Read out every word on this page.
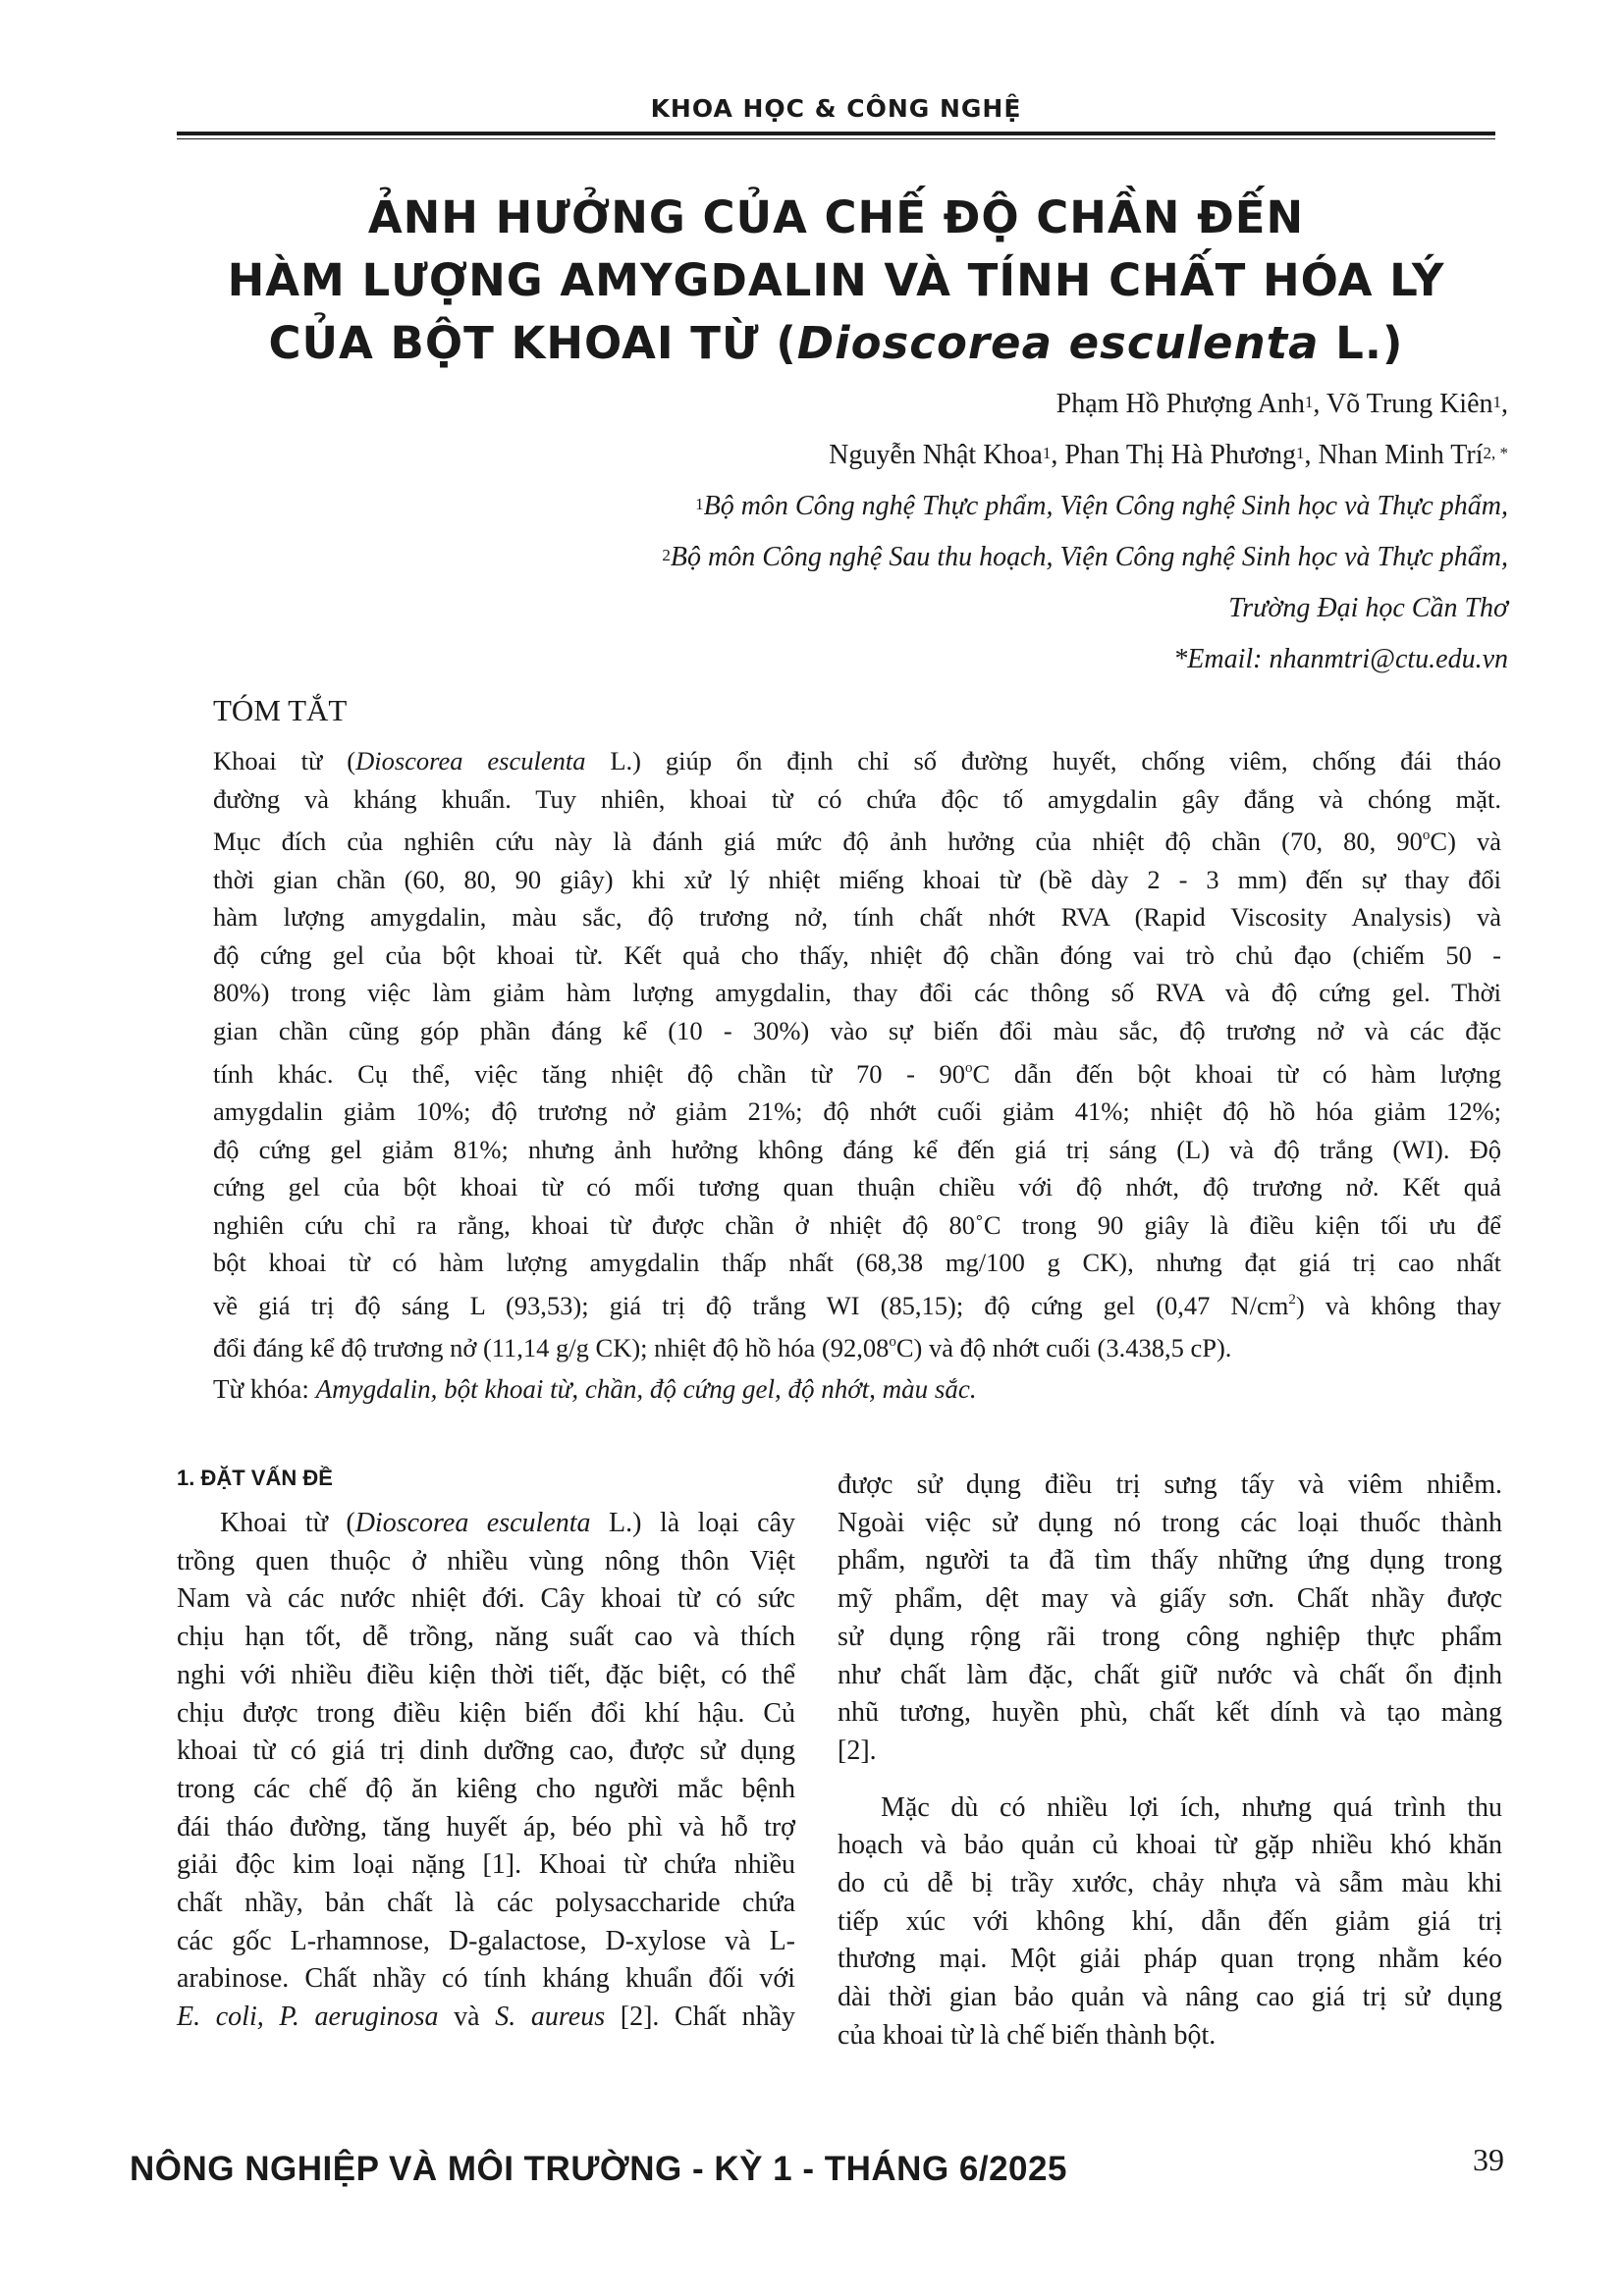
KHOA HỌC & CÔNG NGHỆ
ẢNH HƯỞNG CỦA CHẾ ĐỘ CHẦN ĐẾN
HÀM LƯỢNG AMYGDALIN VÀ TÍNH CHẤT HÓA LÝ
CỦA BỘT KHOAI TỪ (Dioscorea esculenta L.)
Phạm Hồ Phượng Anh$^1$, Võ Trung Kiên$^1$,
Nguyễn Nhật Khoa$^1$, Phan Thị Hà Phương$^1$, Nhan Minh Trí$^{2, *}$
$^1$Bộ môn Công nghệ Thực phẩm, Viện Công nghệ Sinh học và Thực phẩm,
$^2$Bộ môn Công nghệ Sau thu hoạch, Viện Công nghệ Sinh học và Thực phẩm,
Trường Đại học Cần Thơ
*Email: nhanmtri@ctu.edu.vn
TÓM TẮT

Khoai từ (Dioscorea esculenta L.) giúp ổn định chỉ số đường huyết, chống viêm, chống đái tháo

đường và kháng khuẩn. Tuy nhiên, khoai từ có chứa độc tố amygdalin gây đắng và chóng mặt.

Mục đích của nghiên cứu này là đánh giá mức độ ảnh hưởng của nhiệt độ chần (70, 80, 90$^o$C) và

thời gian chần (60, 80, 90 giây) khi xử lý nhiệt miếng khoai từ (bề dày 2 - 3 mm) đến sự thay đổi

hàm lượng amygdalin, màu sắc, độ trương nở, tính chất nhớt RVA (Rapid Viscosity Analysis) và

độ cứng gel của bột khoai từ. Kết quả cho thấy, nhiệt độ chần đóng vai trò chủ đạo (chiếm 50 -

80%) trong việc làm giảm hàm lượng amygdalin, thay đổi các thông số RVA và độ cứng gel. Thời

gian chần cũng góp phần đáng kể (10 - 30%) vào sự biến đổi màu sắc, độ trương nở và các đặc

tính khác. Cụ thể, việc tăng nhiệt độ chần từ 70 - 90$^o$C dẫn đến bột khoai từ có hàm lượng

amygdalin giảm 10%; độ trương nở giảm 21%; độ nhớt cuối giảm 41%; nhiệt độ hồ hóa giảm 12%;

độ cứng gel giảm 81%; nhưng ảnh hưởng không đáng kể đến giá trị sáng (L) và độ trắng (WI). Độ

cứng gel của bột khoai từ có mối tương quan thuận chiều với độ nhớt, độ trương nở. Kết quả

nghiên cứu chỉ ra rằng, khoai từ được chần ở nhiệt độ 80˚C trong 90 giây là điều kiện tối ưu để

bột khoai từ có hàm lượng amygdalin thấp nhất (68,38 mg/100 g CK), nhưng đạt giá trị cao nhất

về giá trị độ sáng L (93,53); giá trị độ trắng WI (85,15); độ cứng gel (0,47 $N/cm^2$) và không thay

đổi đáng kể độ trương nở (11,14 g/g CK); nhiệt độ hồ hóa (92,08$^o$C) và độ nhớt cuối (3.438,5 cP).

Từ khóa: Amygdalin, bột khoai từ, chần, độ cứng gel, độ nhớt, màu sắc.
1. ĐẶT VẤN ĐỀ

Khoai từ (Dioscorea esculenta L.) là loại cây

trồng quen thuộc ở nhiều vùng nông thôn Việt

Nam và các nước nhiệt đới. Cây khoai từ có sức

chịu hạn tốt, dễ trồng, năng suất cao và thích

nghi với nhiều điều kiện thời tiết, đặc biệt, có thể

chịu được trong điều kiện biến đổi khí hậu. Củ

khoai từ có giá trị dinh dưỡng cao, được sử dụng

trong các chế độ ăn kiêng cho người mắc bệnh

đái tháo đường, tăng huyết áp, béo phì và hỗ trợ

giải độc kim loại nặng [1]. Khoai từ chứa nhiều

chất nhầy, bản chất là các polysaccharide chứa

các gốc L-rhamnose, D-galactose, D-xylose và L-

arabinose. Chất nhầy có tính kháng khuẩn đối với

E. coli, P. aeruginosa và S. aureus [2]. Chất nhầy

được sử dụng điều trị sưng tấy và viêm nhiễm.

Ngoài việc sử dụng nó trong các loại thuốc thành

phẩm, người ta đã tìm thấy những ứng dụng trong

mỹ phẩm, dệt may và giấy sơn. Chất nhầy được

sử dụng rộng rãi trong công nghiệp thực phẩm

như chất làm đặc, chất giữ nước và chất ổn định

nhũ tương, huyền phù, chất kết dính và tạo màng

[2].

Mặc dù có nhiều lợi ích, nhưng quá trình thu

hoạch và bảo quản củ khoai từ gặp nhiều khó khăn

do củ dễ bị trầy xước, chảy nhựa và sẫm màu khi

tiếp xúc với không khí, dẫn đến giảm giá trị

thương mại. Một giải pháp quan trọng nhằm kéo

dài thời gian bảo quản và nâng cao giá trị sử dụng

của khoai từ là chế biến thành bột.

NÔNG NGHIỆP VÀ MÔI TRƯỜNG - KỲ 1 - THÁNG 6/2025	39
